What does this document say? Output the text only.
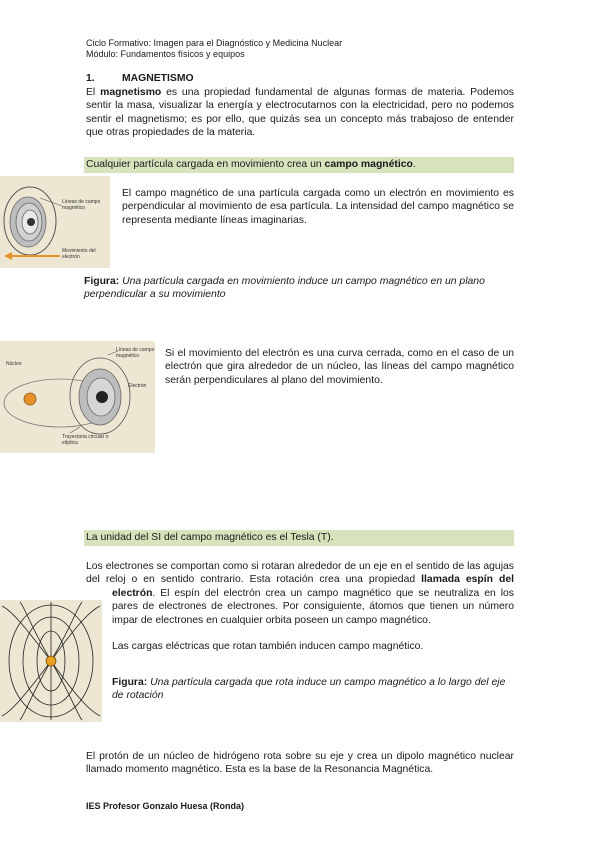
Ciclo Formativo: Imagen para el Diagnóstico y Medicina Nuclear
Módulo: Fundamentos físicos y equipos
1.	MAGNETISMO
El magnetismo es una propiedad fundamental de algunas formas de materia. Podemos sentir la masa, visualizar la energía y electrocutarnos con la electricidad, pero no podemos sentir el magnetismo; es por ello, que quizás sea un concepto más trabajoso de entender que otras propiedades de la materia.
Cualquier partícula cargada en movimiento crea un campo magnético.
Líneas de campo magnético
Movimiento del electrón
El campo magnético de una partícula cargada como un electrón en movimiento es perpendicular al movimiento de esa partícula. La intensidad del campo magnético se representa mediante líneas imaginarias.
Figura: Una partícula cargada en movimiento induce un campo magnético en un plano perpendicular a su movimiento
Líneas de campo magnético
Núcleo
Electrón
Trayectoria circular o elíptica
Si el movimiento del electrón es una curva cerrada, como en el caso de un electrón que gira alrededor de un núcleo, las líneas del campo magnético serán perpendiculares al plano del movimiento.
La unidad del SI del campo magnético es el Tesla (T).
Los electrones se comportan como si rotaran alrededor de un eje en el sentido de las agujas del reloj o en sentido contrario. Esta rotación crea una propiedad llamada espín del
Las cargas eléctricas que rotan también inducen campo magnético.
Figura: Una partícula cargada que rota induce un campo magnético a lo largo del eje de rotación
El protón de un núcleo de hidrógeno rota sobre su eje y crea un dipolo magnético nuclear llamado momento magnético. Esta es la base de la Resonancia Magnética.
IES Profesor Gonzalo Huesa (Ronda)
electrón. El espín del electrón crea un campo magnético que se neutraliza en los pares de electrones de electrones. Por consiguiente, átomos que tienen un número impar de electrones en cualquier orbita poseen un campo magnético.
